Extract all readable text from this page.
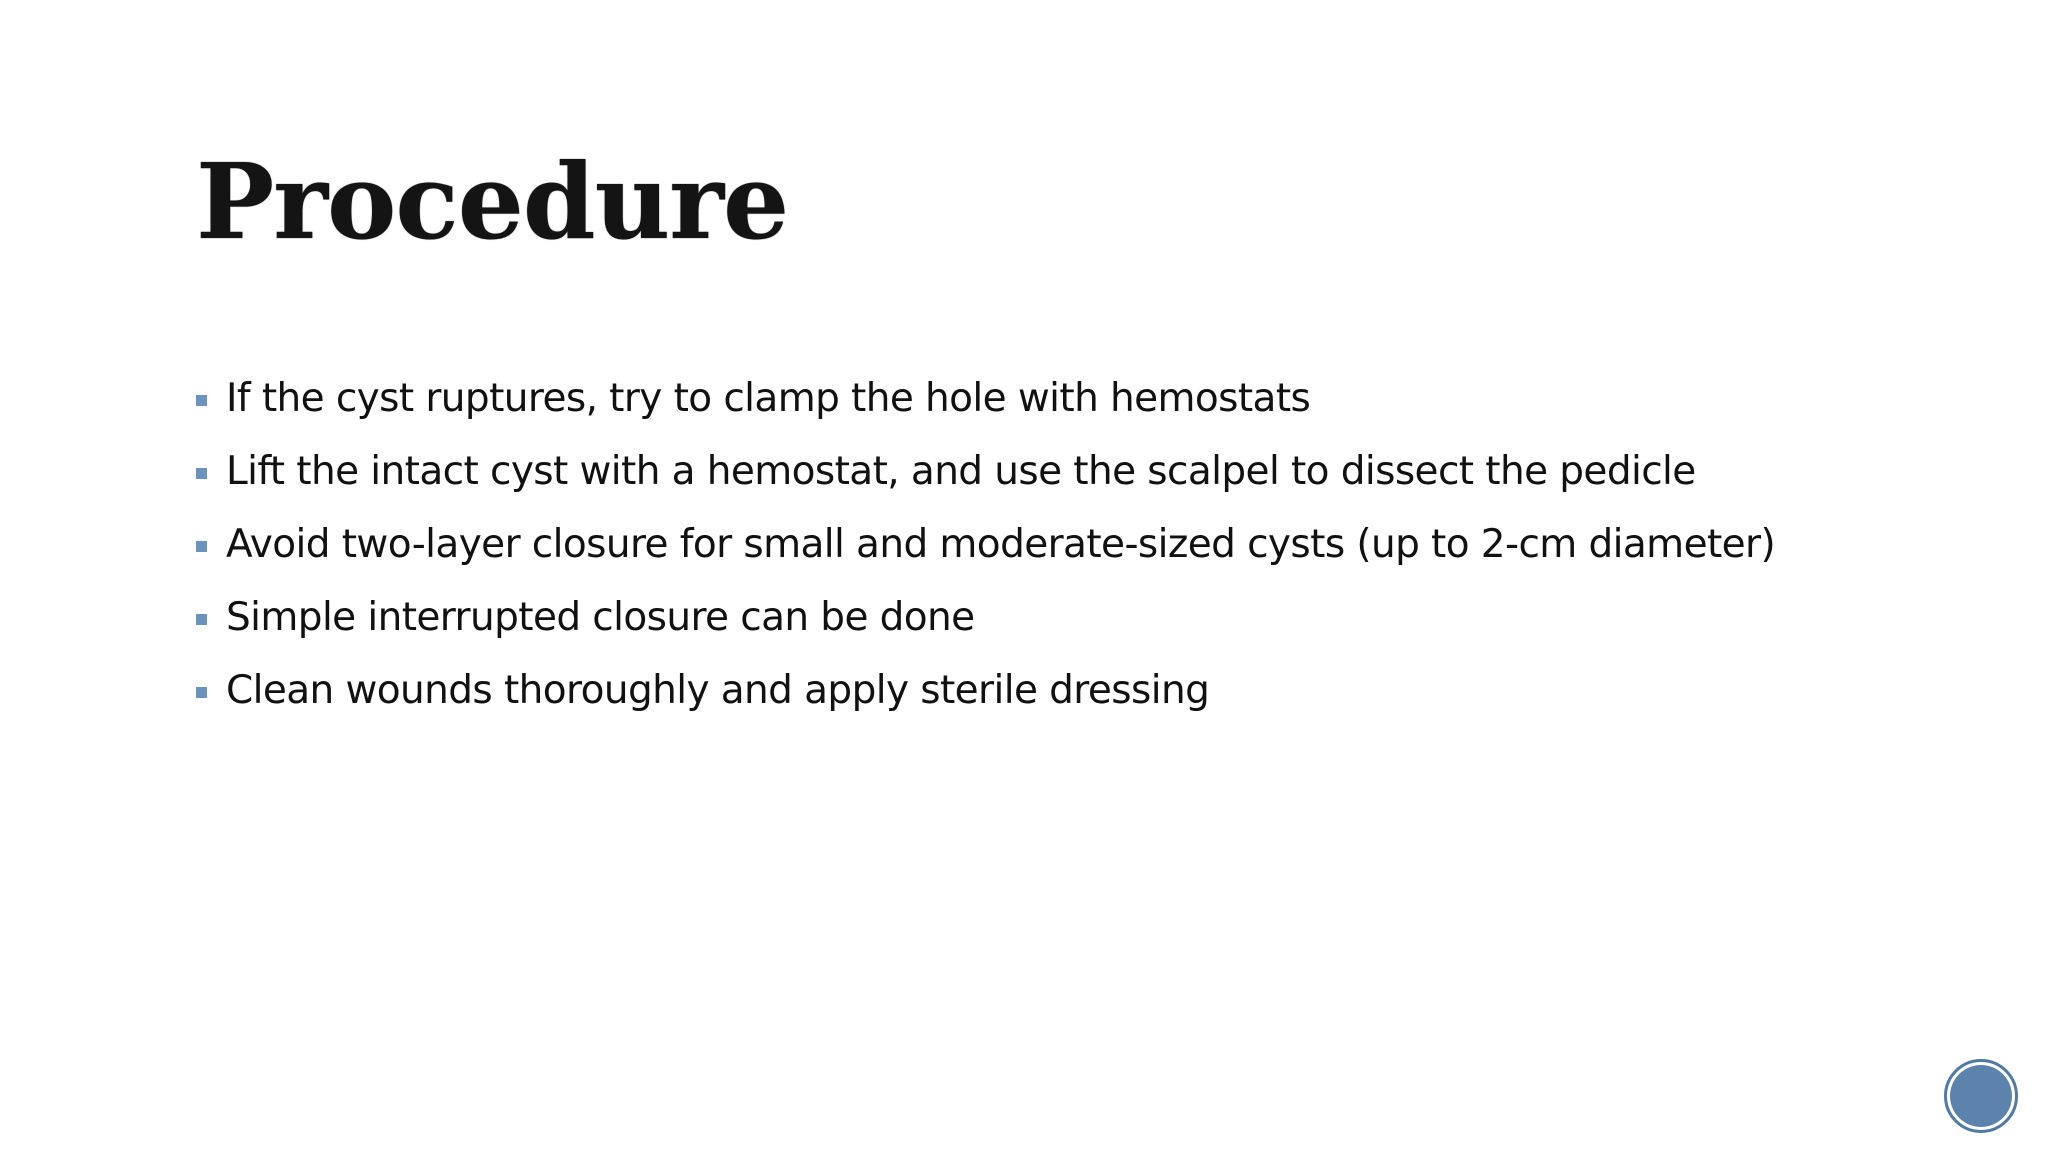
Procedure
If the cyst ruptures, try to clamp the hole with hemostats
Lift the intact cyst with a hemostat, and use the scalpel to dissect the pedicle
Avoid two-layer closure for small and moderate-sized cysts (up to 2-cm diameter)
Simple interrupted closure can be done
Clean wounds thoroughly and apply sterile dressing
